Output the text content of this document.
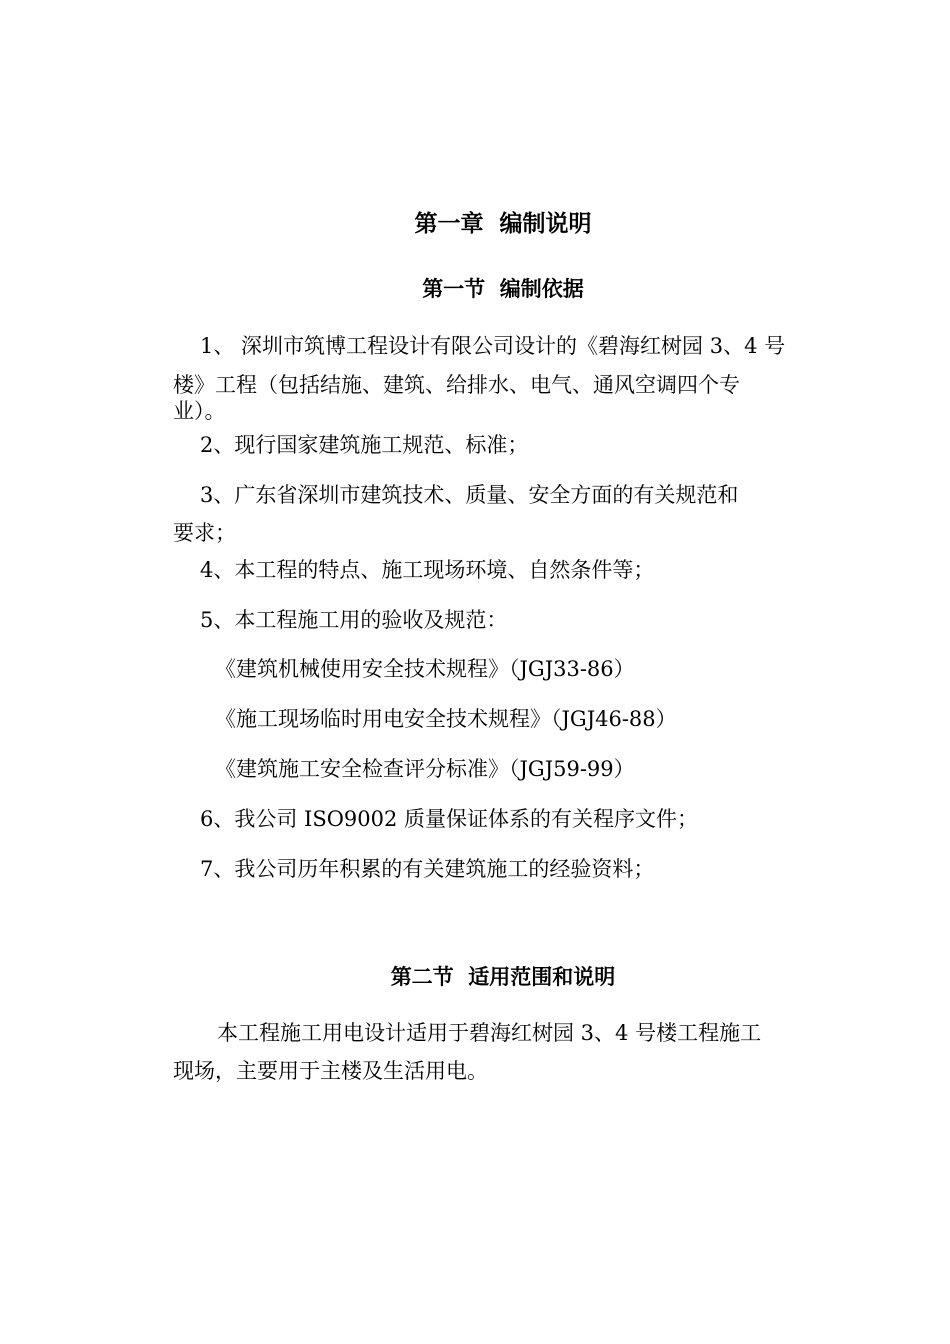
第一章  编制说明
第一节  编制依据
1、 深圳市筑博工程设计有限公司设计的《碧海红树园 3、4 号
楼》工程（包括结施、建筑、给排水、电气、通风空调四个专
业）。
2、现行国家建筑施工规范、标准；
3、广东省深圳市建筑技术、质量、安全方面的有关规范和
要求；
4、本工程的特点、施工现场环境、自然条件等；
5、本工程施工用的验收及规范：
《建筑机械使用安全技术规程》（JGJ33-86）
《施工现场临时用电安全技术规程》（JGJ46-88）
《建筑施工安全检查评分标准》（JGJ59-99）
6、我公司 ISO9002 质量保证体系的有关程序文件；
7、我公司历年积累的有关建筑施工的经验资料；
第二节  适用范围和说明
本工程施工用电设计适用于碧海红树园 3、4 号楼工程施工
现场，主要用于主楼及生活用电。
